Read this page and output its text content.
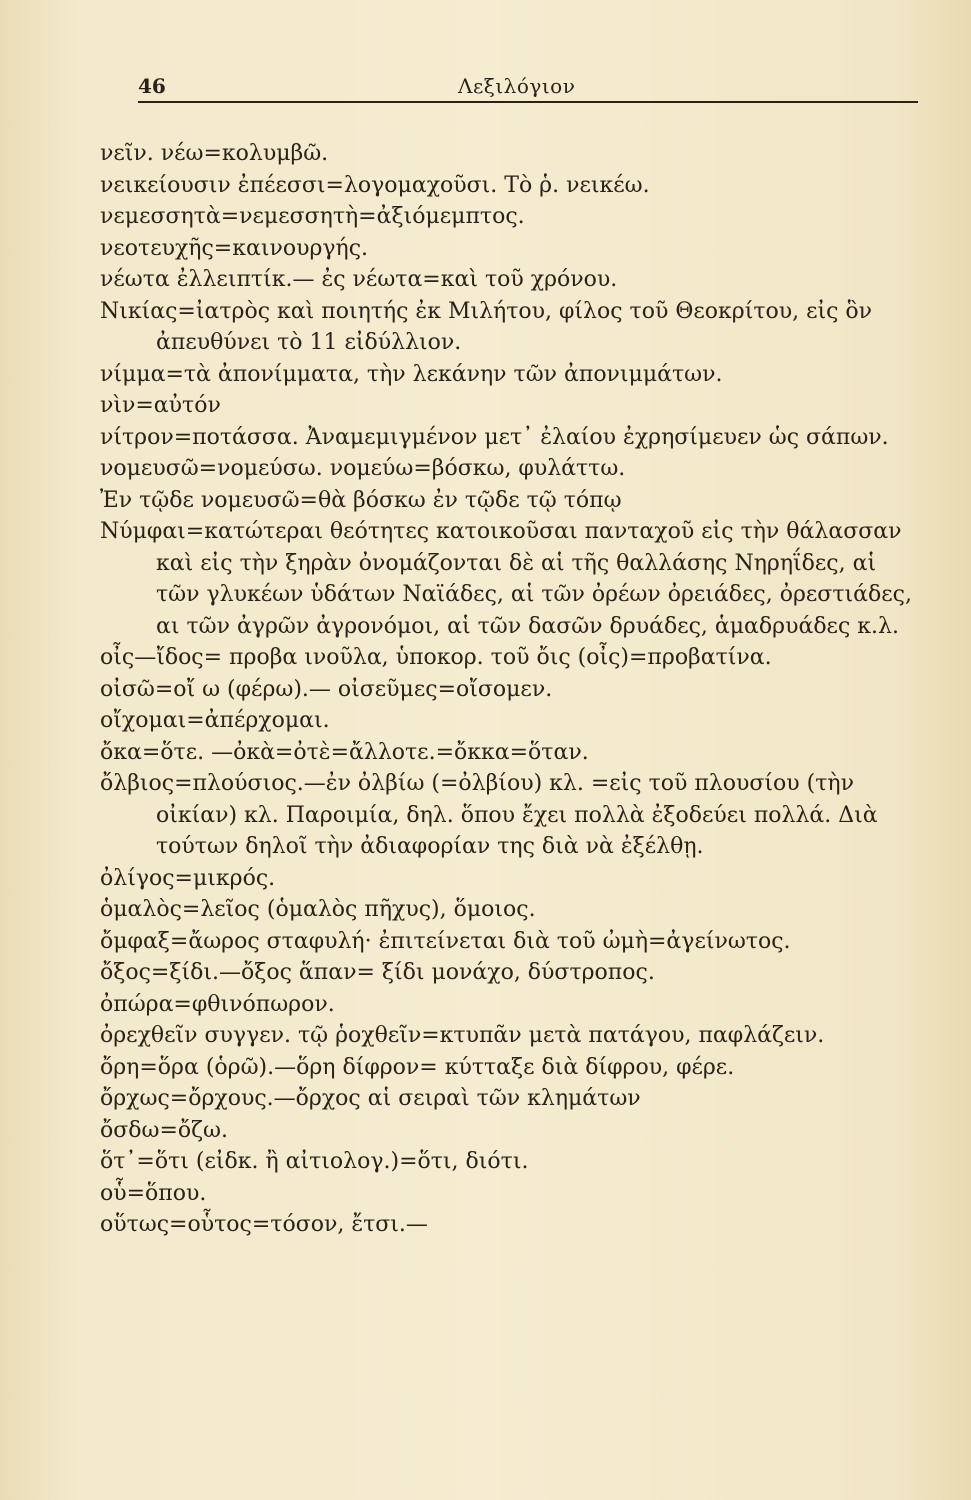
46	Λεξιλόγιον
νεῖν. νέω=κολυμβῶ.
νεικείουσιν ἐπέεσσι=λογομαχοῦσι. Τὸ ῥ. νεικέω.
νεμεσσητὰ=νεμεσσητὴ=ἀξιόμεμπτος.
νεοτευχῆς=καινουργής.
νέωτα ἐλλειπτίκ.— ἐς νέωτα=καὶ τοῦ χρόνου.
Νικίας=ἰατρὸς καὶ ποιητής ἐκ Μιλήτου, φίλος τοῦ Θεοκρίτου, εἰς ὃν ἀπευθύνει τὸ 11 εἰδύλλιον.
νίμμα=τὰ ἀπονίμματα, τὴν λεκάνην τῶν ἀπονιμμάτων.
νὶν=αὐτόν
νίτρον=ποτάσσα. Ἀναμεμιγμένον μετ᾽ ἐλαίου ἐχρησίμευεν ὡς σάπων.
νομευσῶ=νομεύσω. νομεύω=βόσκω, φυλάττω.
Ἐν τῷδε νομευσῶ=θὰ βόσκω ἐν τῷδε τῷ τόπῳ
Νύμφαι=κατώτεραι θεότητες κατοικοῦσαι πανταχοῦ εἰς τὴν θάλασσαν καὶ εἰς τὴν ξηρὰν ὀνομάζονται δὲ αἱ τῆς θαλλάσης Νηρηΐδες, αἱ τῶν γλυκέων ὑδάτων Ναϊάδες, αἱ τῶν ὀρέων ὀρειάδες, ὀρεστιάδες, αι τῶν ἀγρῶν ἀγρονόμοι, αἱ τῶν δασῶν δρυάδες, ἁμαδρυάδες κ.λ.
οἶς—ἴδος= προβα ινοῦλα, ὑποκορ. τοῦ ὄις (οἶς)=προβατίνα.
οἰσῶ=οἴ ω (φέρω).— οἰσεῦμες=οἴσομεν.
οἴχομαι=ἀπέρχομαι.
ὄκα=ὅτε. —ὀκὰ=ὀτὲ=ἄλλοτε.=ὄκκα=ὅταν.
ὄλβιος=πλούσιος.—ἐν ὀλβίω (=ὀλβίου) κλ. =εἰς τοῦ πλουσίου (τὴν οἰκίαν) κλ. Παροιμία, δηλ. ὅπου ἔχει πολλὰ ἐξοδεύει πολλά. Διὰ τούτων δηλοῖ τὴν ἀδιαφορίαν της διὰ νὰ ἐξέλθῃ.
ὀλίγος=μικρός.
ὁμαλὸς=λεῖος (ὁμαλὸς πῆχυς), ὅμοιος.
ὄμφαξ=ἄωρος σταφυλή· ἐπιτείνεται διὰ τοῦ ὠμὴ=ἀγείνωτος.
ὄξος=ξίδι.—ὄξος ἅπαν= ξίδι μονάχο, δύστροπος.
ὀπώρα=φθινόπωρον.
ὀρεχθεῖν συγγεν. τῷ ῥοχθεῖν=κτυπᾶν μετὰ πατάγου, παφλάζειν.
ὄρη=ὅρα (ὁρῶ).—ὅρη δίφρον= κύτταξε διὰ δίφρου, φέρε.
ὄρχως=ὄρχους.—ὄρχος αἱ σειραὶ τῶν κλημάτων
ὄσδω=ὄζω.
ὅτ᾽=ὅτι (εἰδκ. ἢ αἰτιολογ.)=ὅτι, διότι.
οὗ=ὅπου.
οὕτως=οὗτος=τόσον, ἔτσι.—
